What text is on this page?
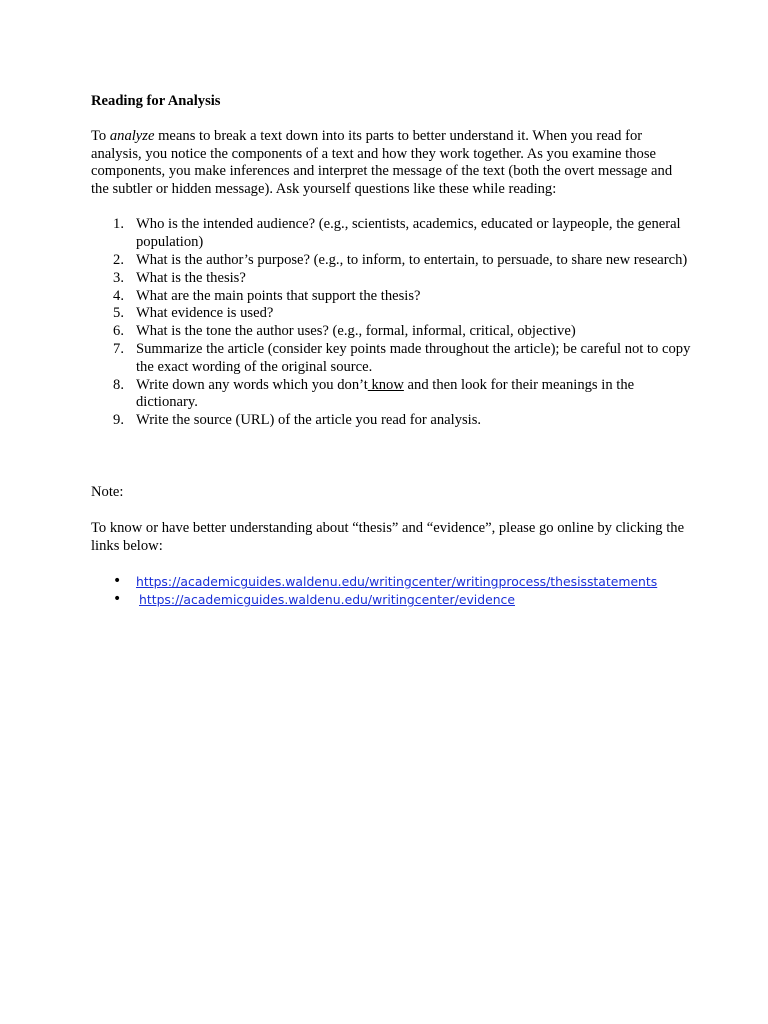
Reading for Analysis

To analyze means to break a text down into its parts to better understand it. When you read for analysis, you notice the components of a text and how they work together. As you examine those components, you make inferences and interpret the message of the text (both the overt message and the subtler or hidden message). Ask yourself questions like these while reading:

1. Who is the intended audience? (e.g., scientists, academics, educated or laypeople, the general population)
2. What is the author’s purpose? (e.g., to inform, to entertain, to persuade, to share new research)
3. What is the thesis?
4. What are the main points that support the thesis?
5. What evidence is used?
6. What is the tone the author uses? (e.g., formal, informal, critical, objective)
7. Summarize the article (consider key points made throughout the article); be careful not to copy the exact wording of the original source.
8. Write down any words which you don’t know and then look for their meanings in the dictionary.
9. Write the source (URL) of the article you read for analysis.

Note:

To know or have better understanding about “thesis” and “evidence”, please go online by clicking the links below:

• https://academicguides.waldenu.edu/writingcenter/writingprocess/thesisstatements
• https://academicguides.waldenu.edu/writingcenter/evidence
